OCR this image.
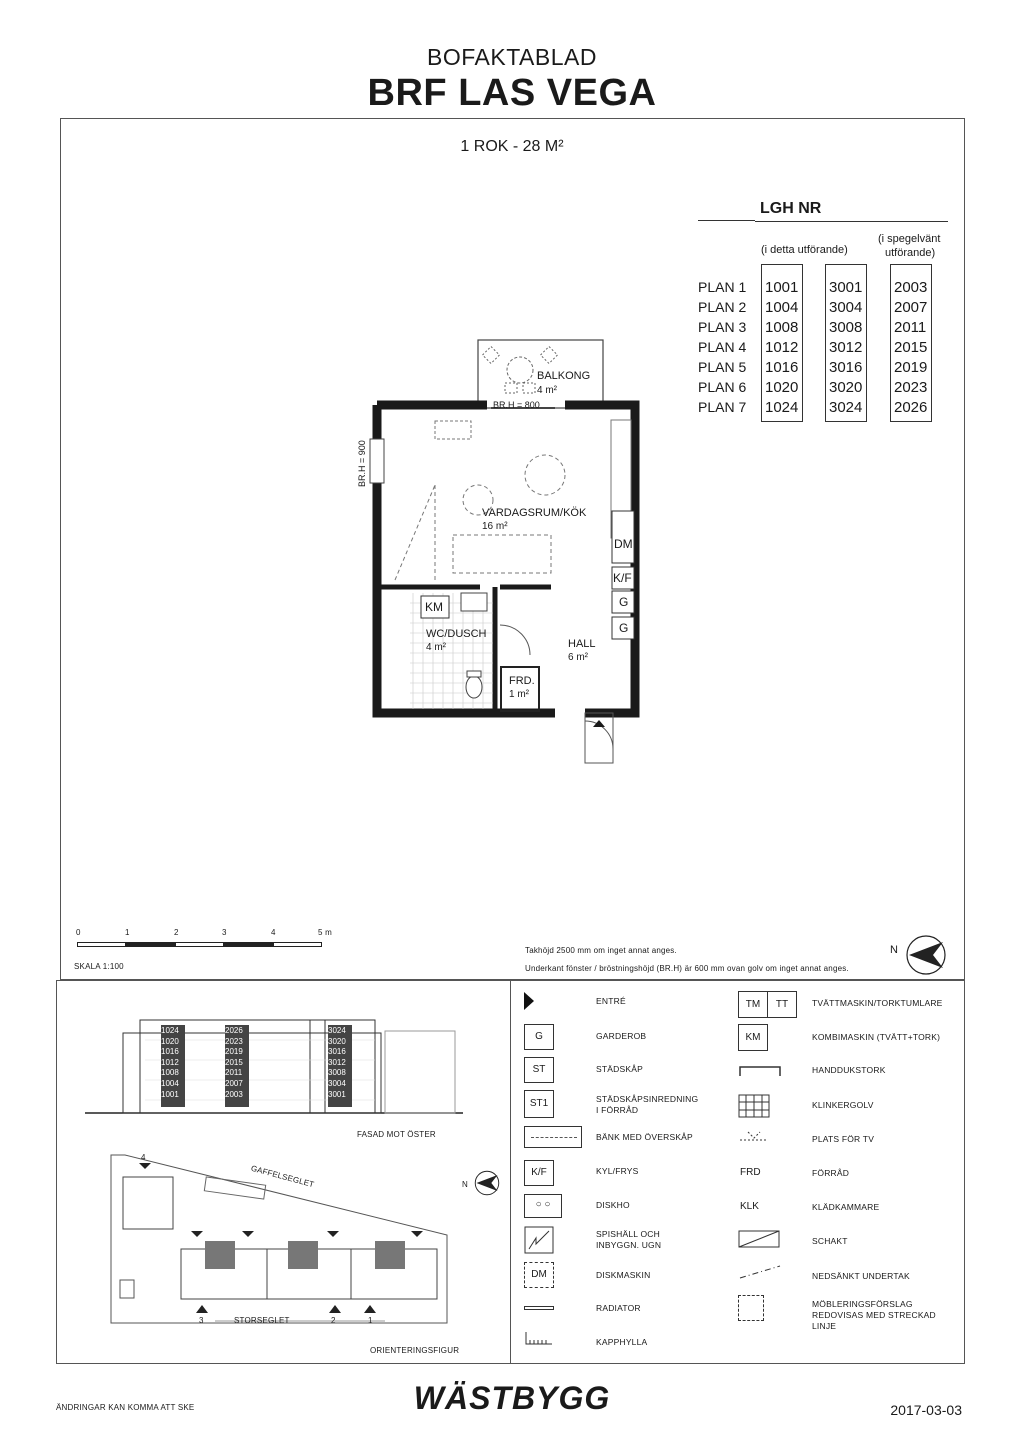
BOFAKTABLAD
BRF LAS VEGA
1 ROK - 28 M²
LGH NR
(i detta utförande)
(i spegelvänt
utförande)
PLAN 1 1001 3001 2003
PLAN 2 1004 3004 2007
PLAN 3 1008 3008 2011
PLAN 4 1012 3012 2015
PLAN 5 1016 3016 2019
PLAN 6 1020 3020 2023
PLAN 7 1024 3024 2026
BALKONG
4 m²
BR.H = 800
BR.H = 900
VARDAGSRUM/KÖK
16 m²
DM
K/F
G
G
KM
WC/DUSCH
4 m²	HALL
6 m²
FRD.
1 m²
0	1	2	3	4	5 m
SKALA 1:100
Takhöjd 2500 mm om inget annat anges.
Underkant fönster / bröstningshöjd (BR.H) är 600 mm ovan golv om inget annat anges.
N
1024
1020
1016
1012
1008
1004
1001
2026
2023
2019
2015
2011
2007
2003
3024
3020
3016
3012
3008
3004
3001
FASAD MOT ÖSTER
GAFFELSEGLET
STORSEGLET
4
3	2	1
N
ORIENTERINGSFIGUR
ENTRÉ
G	GARDEROB
ST	STÄDSKÅP
ST1	STÄDSKÅPSINREDNING
I FÖRRÅD
BÄNK MED ÖVERSKÅP
K/F	KYL/FRYS
○ ○	DISKHO
SPISHÄLL OCH
INBYGGN. UGN
DM	DISKMASKIN
RADIATOR
KAPPHYLLA
TM	TT	TVÄTTMASKIN/TORKTUMLARE
KM	KOMBIMASKIN (TVÄTT+TORK)
HANDDUKSTORK
KLINKERGOLV
PLATS FÖR TV
FRD	FÖRRÅD
KLK	KLÄDKAMMARE
SCHAKT
NEDSÄNKT UNDERTAK
MÖBLERINGSFÖRSLAG
REDOVISAS MED STRECKAD LINJE
ÄNDRINGAR KAN KOMMA ATT SKE	WÄSTBYGG	2017-03-03
